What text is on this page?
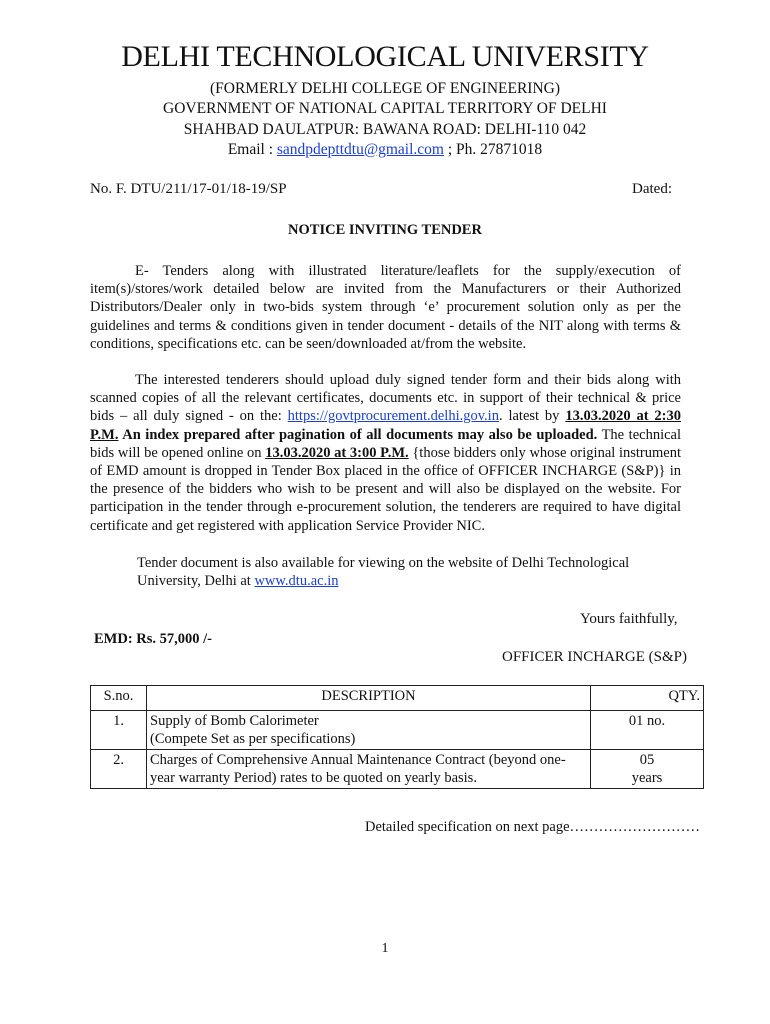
DELHI TECHNOLOGICAL UNIVERSITY
(FORMERLY DELHI COLLEGE OF ENGINEERING)
GOVERNMENT OF NATIONAL CAPITAL TERRITORY OF DELHI
SHAHBAD DAULATPUR: BAWANA ROAD: DELHI-110 042
Email : sandpdepttdtu@gmail.com ; Ph. 27871018
No. F. DTU/211/17-01/18-19/SP	Dated:
NOTICE INVITING TENDER

E- Tenders along with illustrated literature/leaflets for the supply/execution of item(s)/stores/work detailed below are invited from the Manufacturers or their Authorized Distributors/Dealer only in two-bids system through ‘e’ procurement solution only as per the guidelines and terms & conditions given in tender document - details of the NIT along with terms & conditions, specifications etc. can be seen/downloaded at/from the website.

The interested tenderers should upload duly signed tender form and their bids along with scanned copies of all the relevant certificates, documents etc. in support of their technical & price bids – all duly signed - on the: https://govtprocurement.delhi.gov.in. latest by 13.03.2020 at 2:30 P.M. An index prepared after pagination of all documents may also be uploaded. The technical bids will be opened online on 13.03.2020 at 3:00 P.M. {those bidders only whose original instrument of EMD amount is dropped in Tender Box placed in the office of OFFICER INCHARGE (S&P)} in the presence of the bidders who wish to be present and will also be displayed on the website. For participation in the tender through e-procurement solution, the tenderers are required to have digital certificate and get registered with application Service Provider NIC.

Tender document is also available for viewing on the website of Delhi Technological University, Delhi at www.dtu.ac.in

Yours faithfully,
EMD: Rs. 57,000 /-
OFFICER INCHARGE (S&P)
S.no.	DESCRIPTION	QTY.
1.	Supply of Bomb Calorimeter
(Compete Set as per specifications)	01 no.
2.	Charges of Comprehensive Annual Maintenance Contract (beyond one-
year warranty Period) rates to be quoted on yearly basis.	05
years
Detailed specification on next page………………………
1
